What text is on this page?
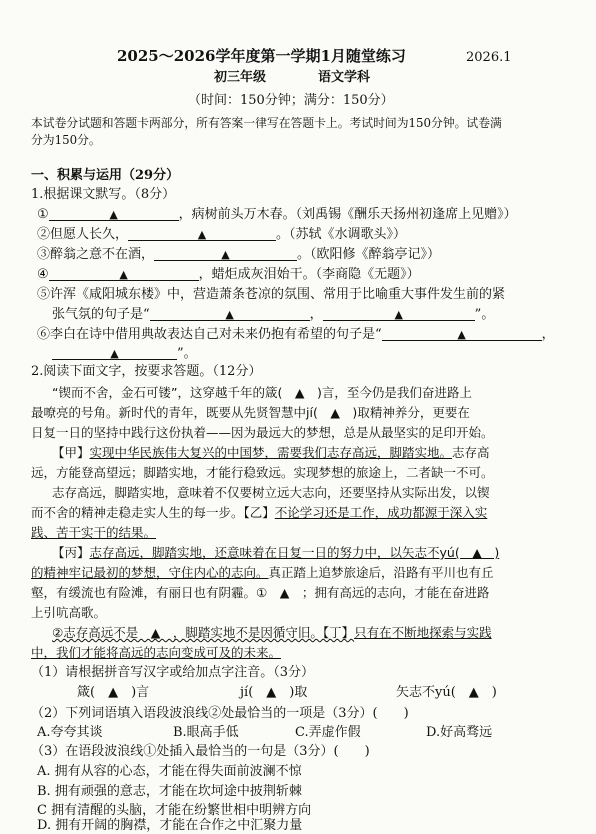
2025～2026学年度第一学期1月随堂练习	2026.1
初三年级	语文学科
（时间：150分钟；满分：150分）
本试卷分试题和答题卡两部分，所有答案一律写在答题卡上。考试时间为150分钟。试卷满
分为150分。
一、积累与运用（29分）
1.根据课文默写。（8分）
①	▲	，病树前头万木春。（刘禹锡《酬乐天扬州初逢席上见赠》）
②但愿人长久，	▲	。（苏轼《水调歌头》）
③醉翁之意不在酒，	▲	。（欧阳修《醉翁亭记》）
④	▲	，蜡炬成灰泪始干。（李商隐《无题》）
⑤许浑《咸阳城东楼》中，营造萧条苍凉的氛围、常用于比喻重大事件发生前的紧
张气氛的句子是“	▲	，	▲	”。
⑥李白在诗中借用典故表达自己对未来仍抱有希望的句子是“	▲	，
▲	”。
2.阅读下面文字，按要求答题。（12分）
“锲而不舍，金石可镂”，这穿越千年的箴(　▲　)言，至今仍是我们奋进路上
最嘹亮的号角。新时代的青年，既要从先贤智慧中jí(　▲　)取精神养分，更要在
日复一日的坚持中践行这份执着——因为最远大的梦想，总是从最坚实的足印开始。
【甲】实现中华民族伟大复兴的中国梦，需要我们志存高远，脚踏实地。志存高
远，方能登高望远；脚踏实地，才能行稳致远。实现梦想的旅途上，二者缺一不可。
志存高远，脚踏实地，意味着不仅要树立远大志向，还要坚持从实际出发，以锲
而不舍的精神走稳走实人生的每一步。【乙】不论学习还是工作，成功都源于深入实
践、苦干实干的结果。
【丙】志存高远，脚踏实地，还意味着在日复一日的努力中，以矢志不yú(　▲　)
的精神牢记最初的梦想，守住内心的志向。真正踏上追梦旅途后，沿路有平川也有丘
壑，有缓流也有险滩，有丽日也有阴霾。①　▲　；拥有高远的志向，才能在奋进路
上引吭高歌。
②志存高远不是　▲　，脚踏实地不是因循守旧。【丁】只有在不断地探索与实践
中，我们才能将高远的志向变成可及的未来。
（1）请根据拼音写汉字或给加点字注音。（3分）
箴(　▲　)言	jí(　▲　)取	矢志不yú(　▲　)
（2）下列词语填入语段波浪线②处最恰当的一项是（3分）(　　)
A.夸夸其谈	B.眼高手低	C.弄虚作假	D.好高骛远
（3）在语段波浪线①处插入最恰当的一句是（3分）(　　)
A. 拥有从容的心态，才能在得失面前波澜不惊
B. 拥有顽强的意志，才能在坎坷途中披荆斩棘
C 拥有清醒的头脑，才能在纷繁世相中明辨方向
D. 拥有开阔的胸襟，才能在合作之中汇聚力量
